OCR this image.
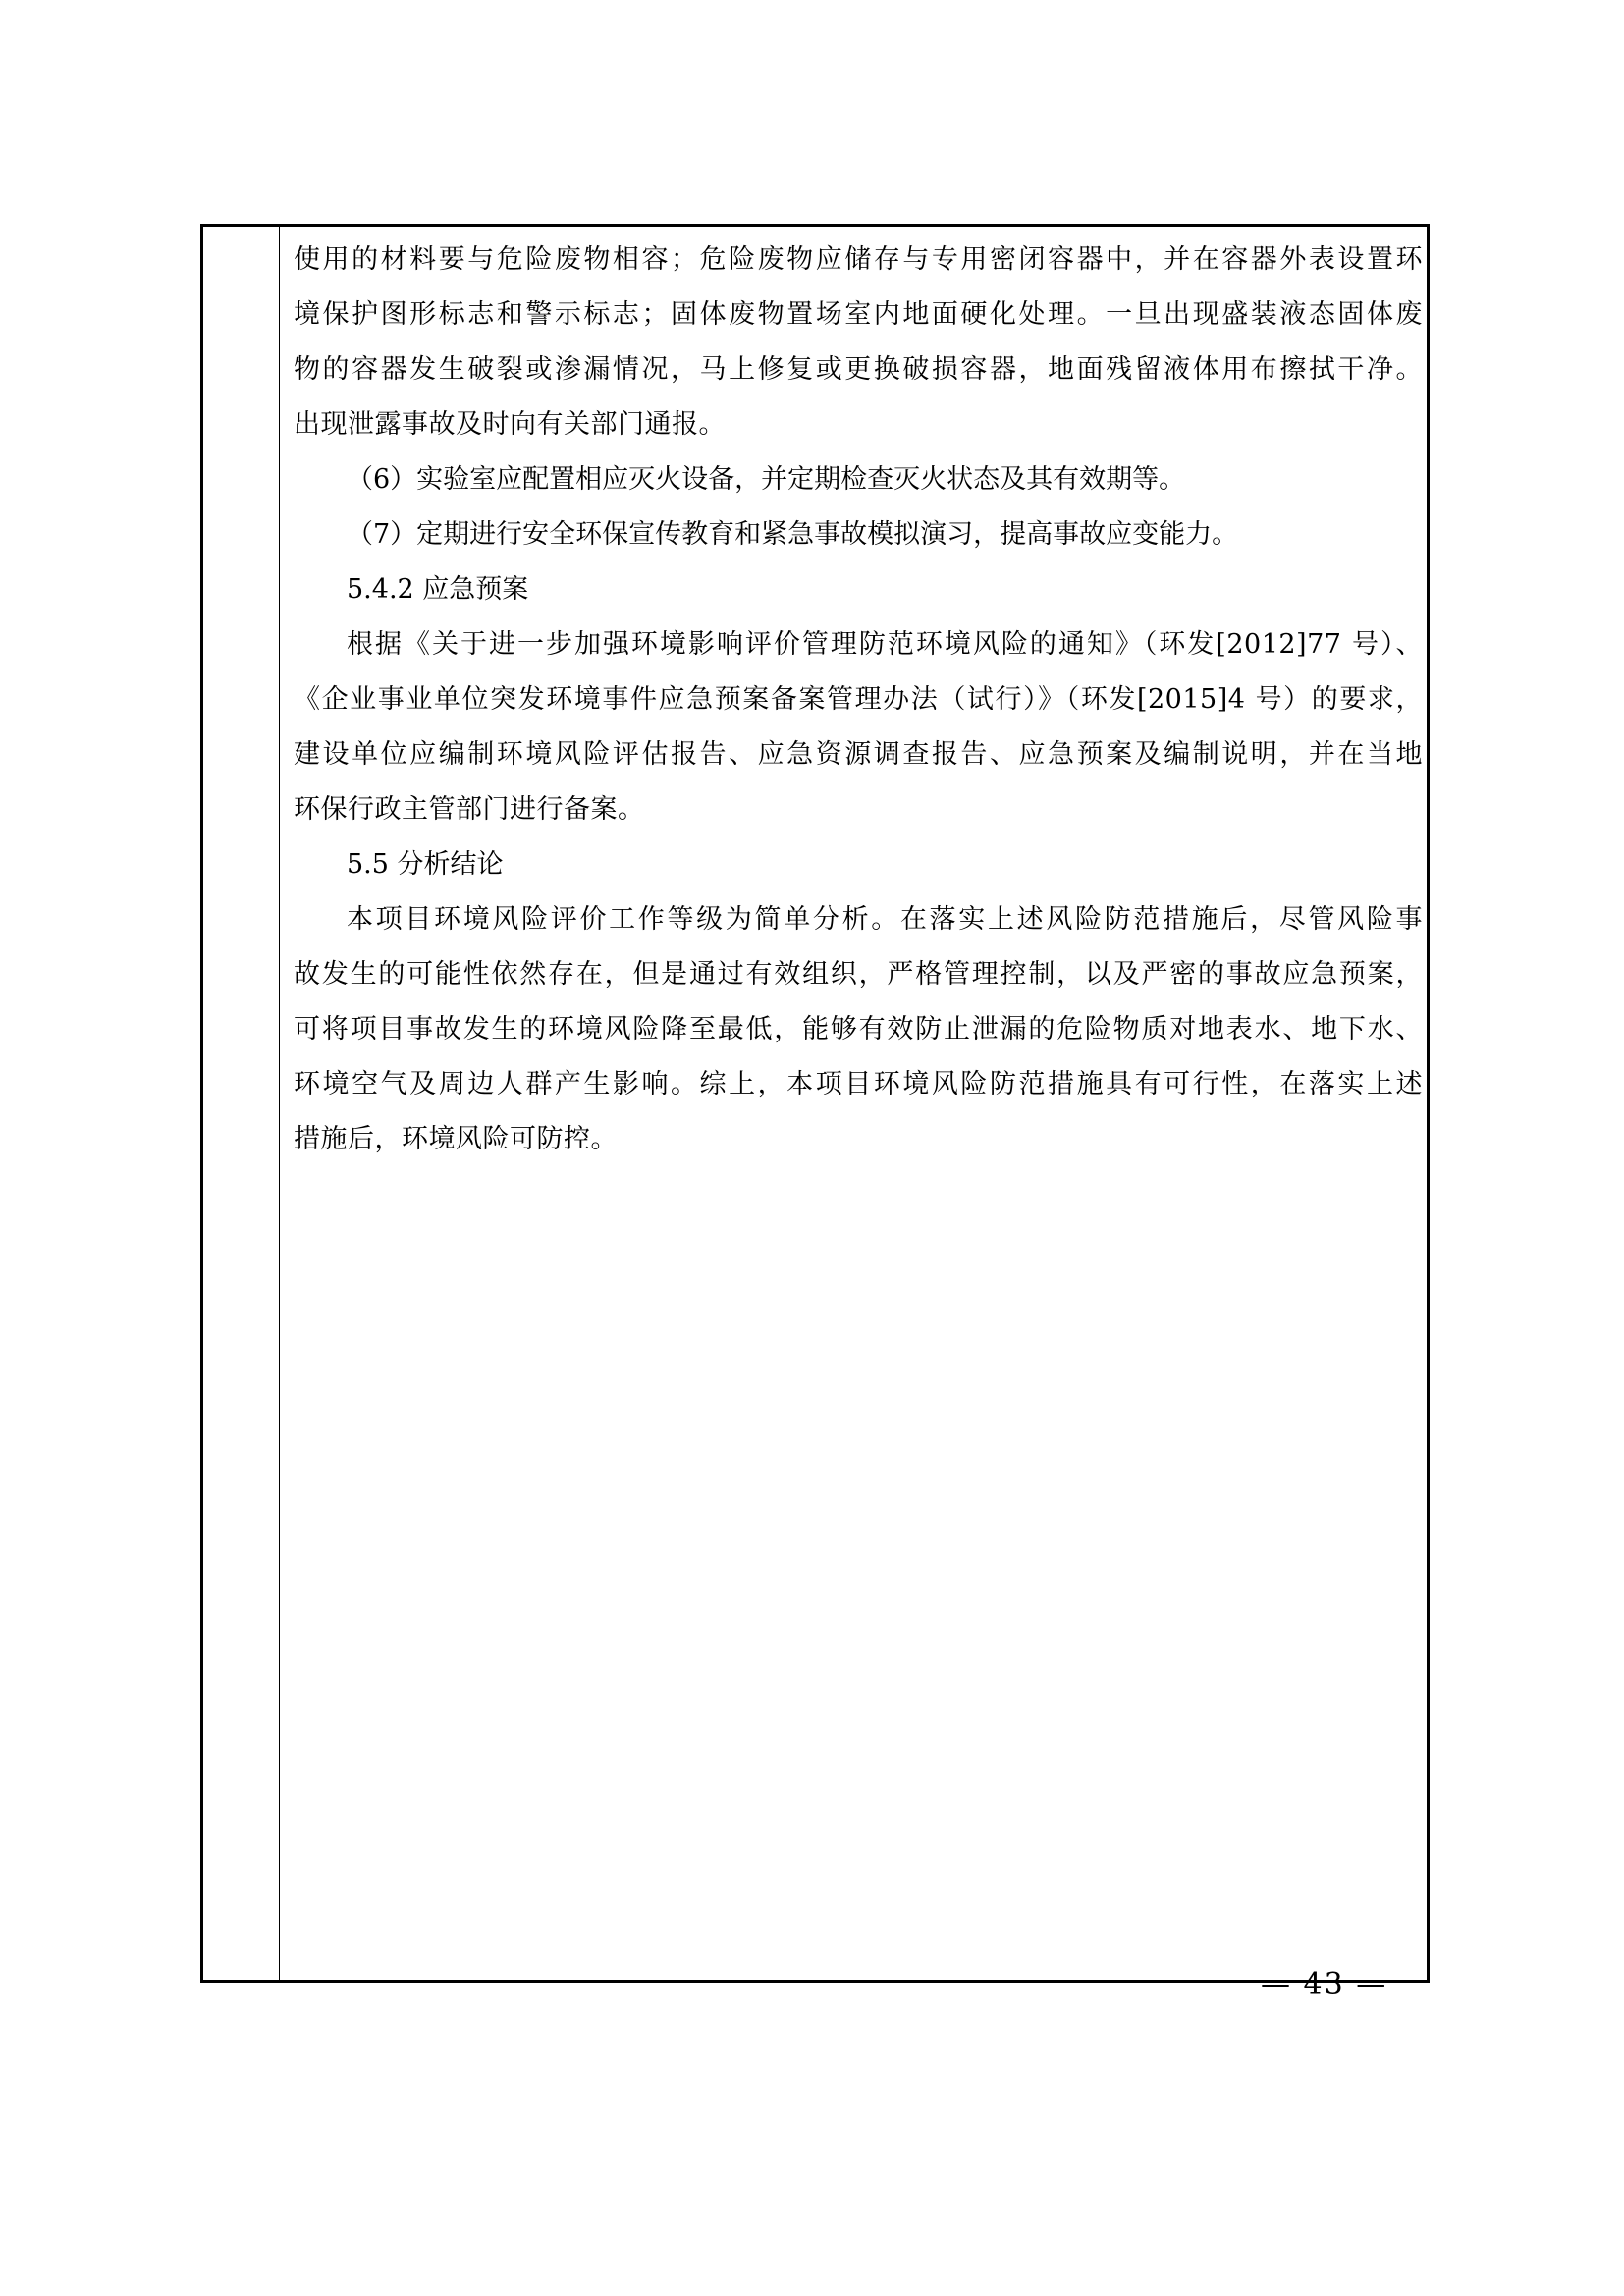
使用的材料要与危险废物相容；危险废物应储存与专用密闭容器中，并在容器外表设置环
境保护图形标志和警示标志；固体废物置场室内地面硬化处理。一旦出现盛装液态固体废
物的容器发生破裂或渗漏情况，马上修复或更换破损容器，地面残留液体用布擦拭干净。
出现泄露事故及时向有关部门通报。
（6）实验室应配置相应灭火设备，并定期检查灭火状态及其有效期等。
（7）定期进行安全环保宣传教育和紧急事故模拟演习，提高事故应变能力。
5.4.2 应急预案
根据《关于进一步加强环境影响评价管理防范环境风险的通知》（环发[2012]77 号）、
《企业事业单位突发环境事件应急预案备案管理办法（试行）》（环发[2015]4 号）的要求，
建设单位应编制环境风险评估报告、应急资源调查报告、应急预案及编制说明，并在当地
环保行政主管部门进行备案。
5.5 分析结论
本项目环境风险评价工作等级为简单分析。在落实上述风险防范措施后，尽管风险事
故发生的可能性依然存在，但是通过有效组织，严格管理控制，以及严密的事故应急预案，
可将项目事故发生的环境风险降至最低，能够有效防止泄漏的危险物质对地表水、地下水、
环境空气及周边人群产生影响。综上，本项目环境风险防范措施具有可行性，在落实上述
措施后，环境风险可防控。
— 43 —
